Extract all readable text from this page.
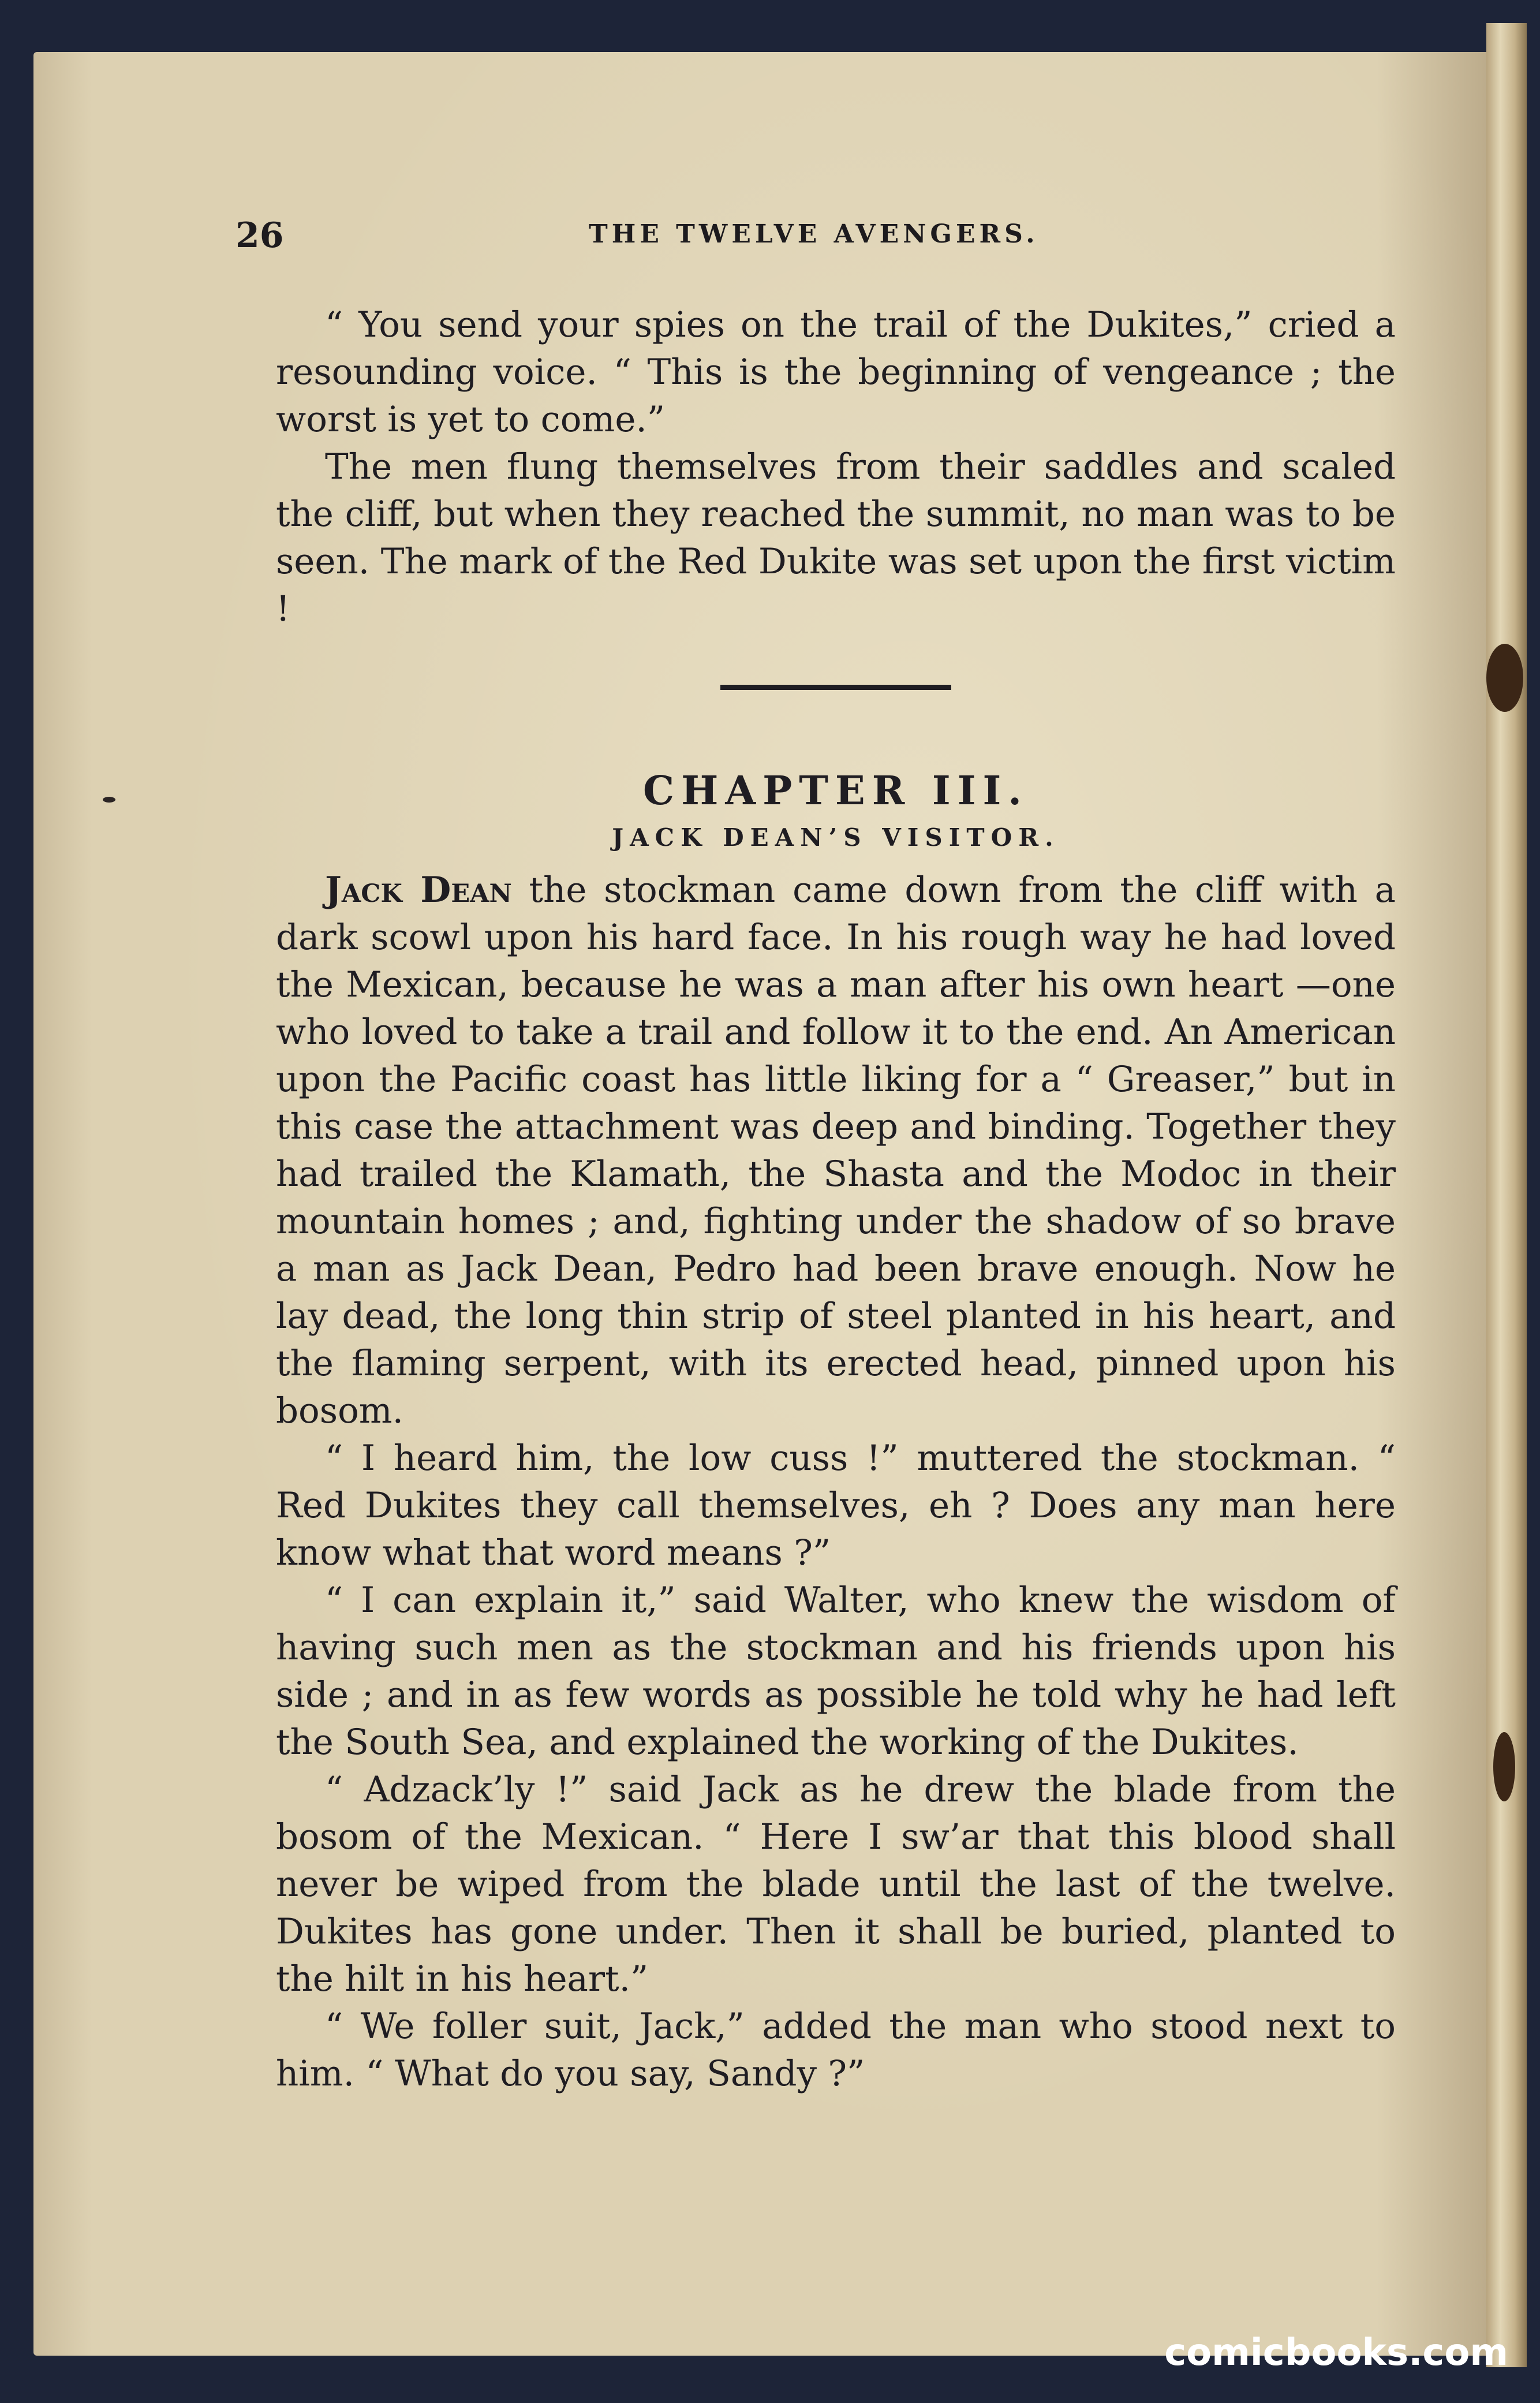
26	THE TWELVE AVENGERS.

“ You send your spies on the trail of the Dukites,” cried a resounding voice. “ This is the beginning of vengeance ; the worst is yet to come.”

The men flung themselves from their saddles and scaled the cliff, but when they reached the summit, no man was to be seen. The mark of the Red Dukite was set upon the first victim !

CHAPTER III.

JACK DEAN’S VISITOR.

Jack Dean the stockman came down from the cliff with a dark scowl upon his hard face. In his rough way he had loved the Mexican, because he was a man after his own heart —one who loved to take a trail and follow it to the end. An American upon the Pacific coast has little liking for a “ Greaser,” but in this case the attachment was deep and binding. Together they had trailed the Klamath, the Shasta and the Modoc in their mountain homes ; and, fighting under the shadow of so brave a man as Jack Dean, Pedro had been brave enough. Now he lay dead, the long thin strip of steel planted in his heart, and the flaming serpent, with its erected head, pinned upon his bosom.

“ I heard him, the low cuss !” muttered the stockman. “ Red Dukites they call themselves, eh ? Does any man here know what that word means ?”

“ I can explain it,” said Walter, who knew the wisdom of having such men as the stockman and his friends upon his side ; and in as few words as possible he told why he had left the South Sea, and explained the working of the Dukites.

“ Adzack’ly !” said Jack as he drew the blade from the bosom of the Mexican. “ Here I sw’ar that this blood shall never be wiped from the blade until the last of the twelve. Dukites has gone under. Then it shall be buried, planted to the hilt in his heart.”

“ We foller suit, Jack,” added the man who stood next to him. “ What do you say, Sandy ?”

comicbooks.com
